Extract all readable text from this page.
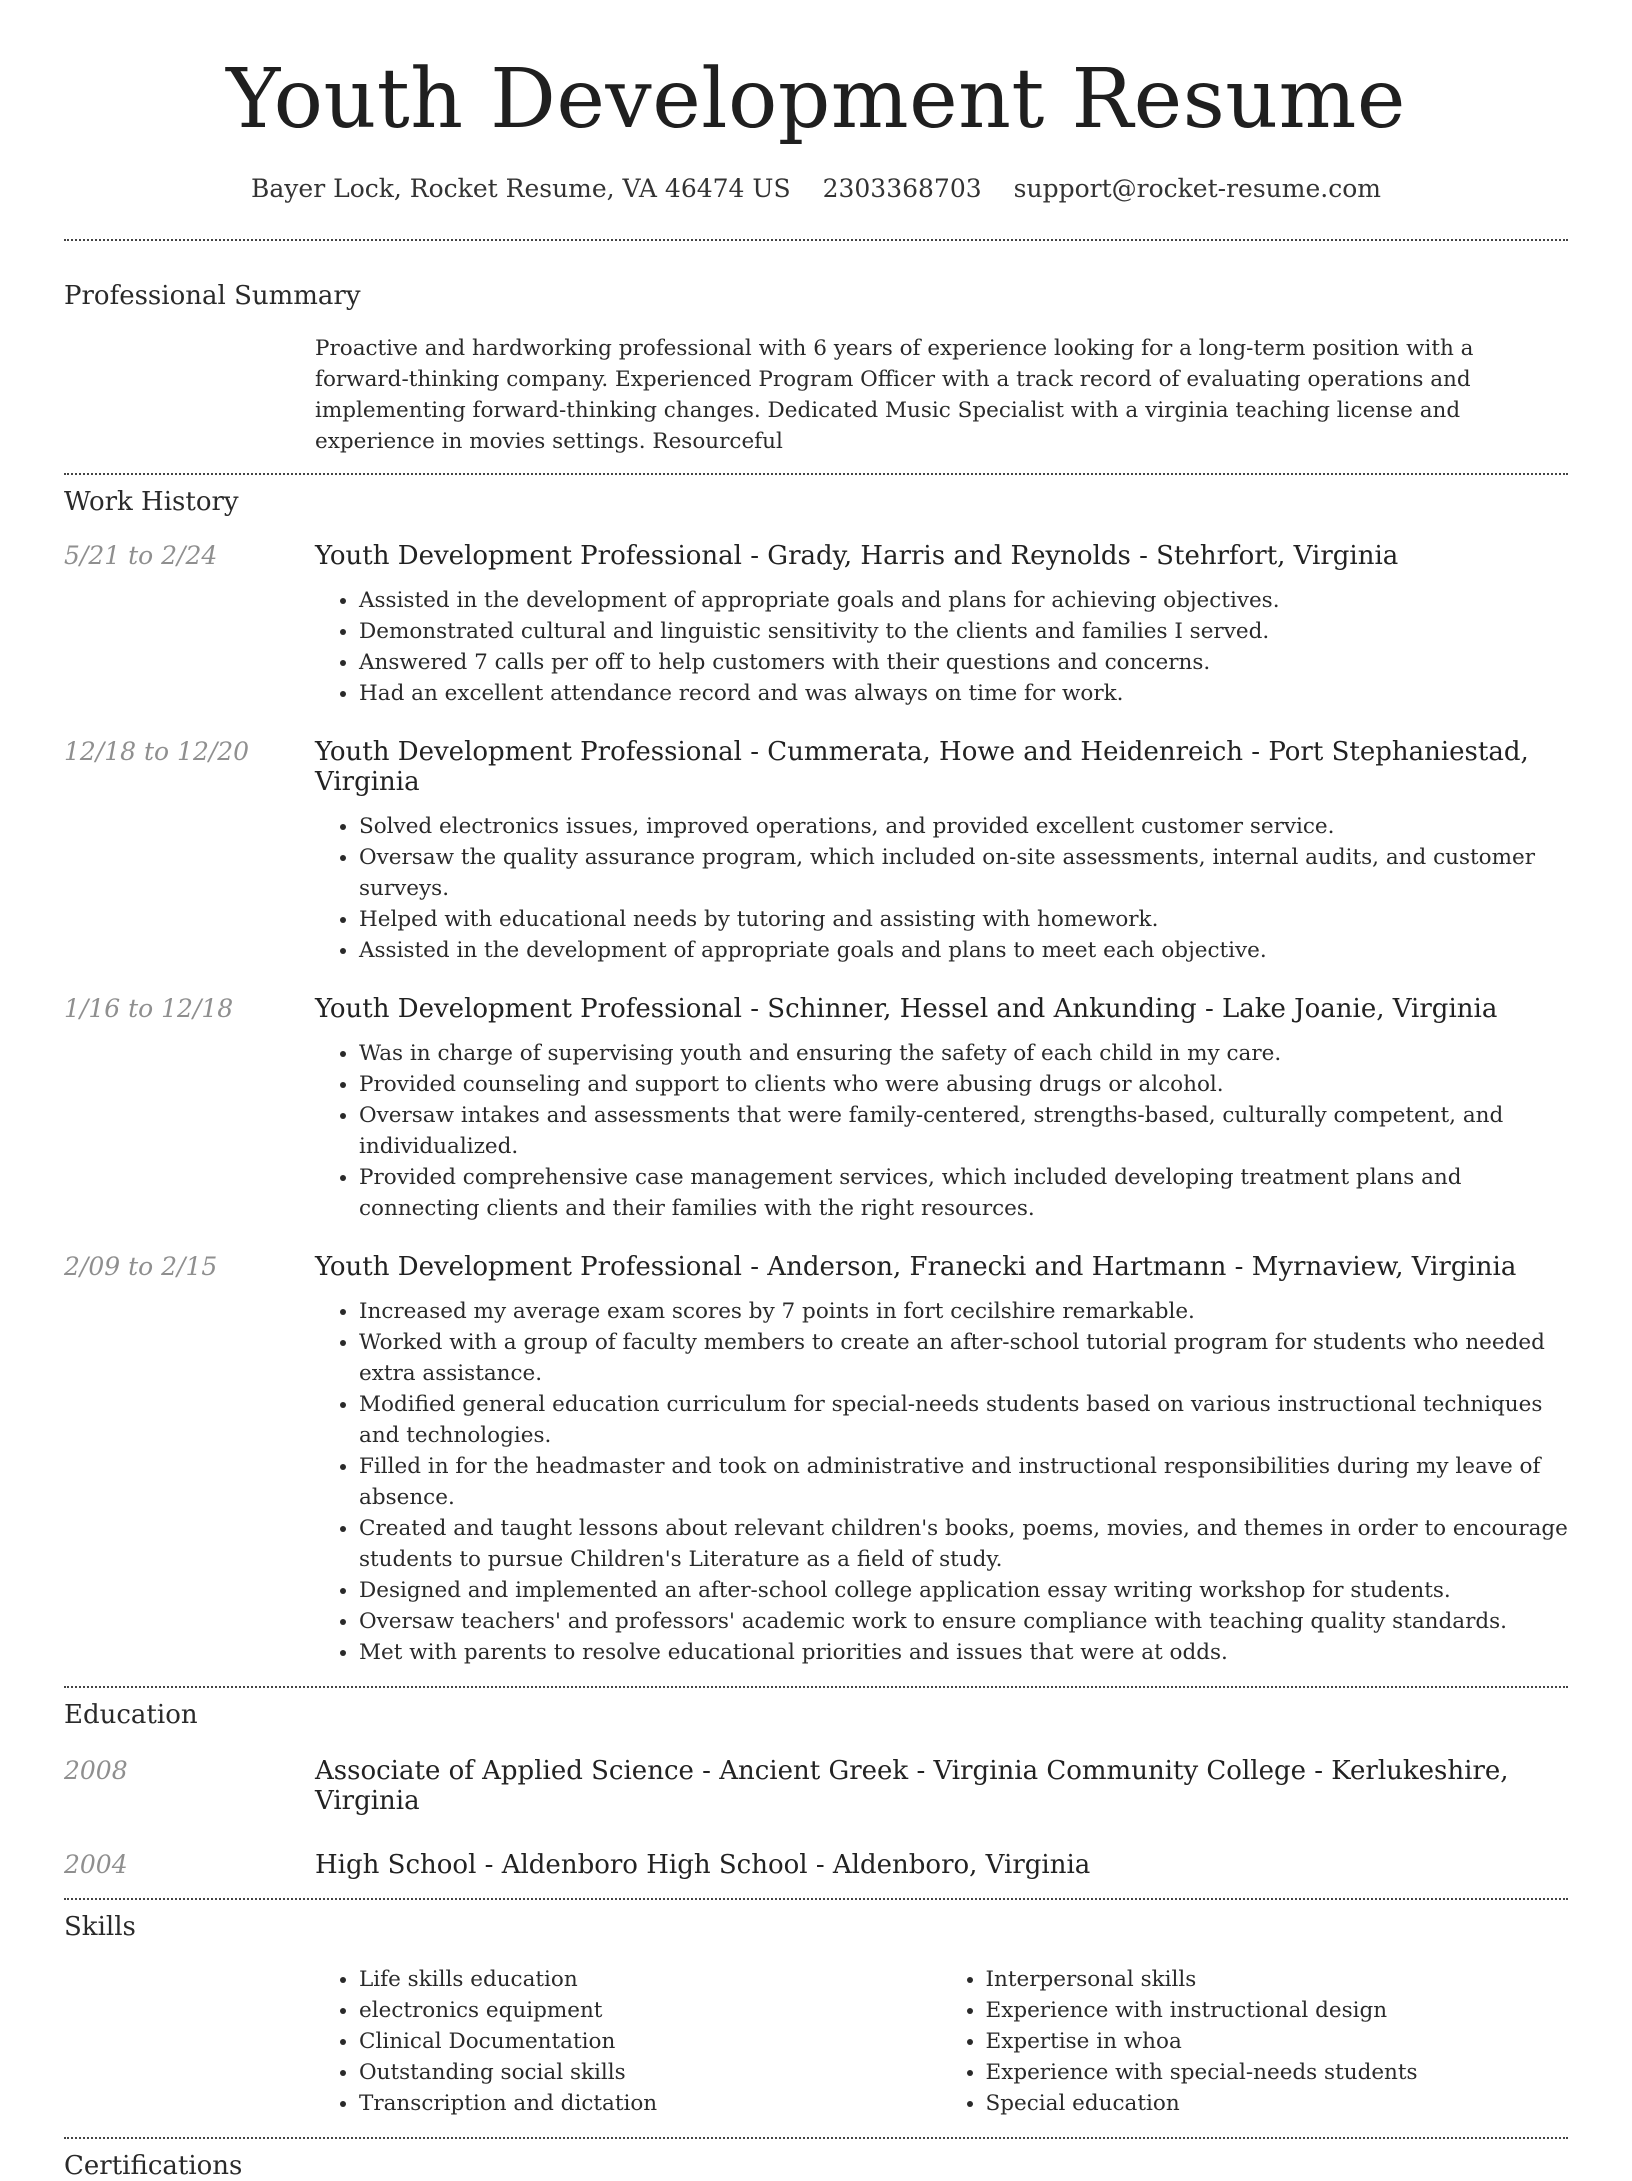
Youth Development Resume
Bayer Lock, Rocket Resume, VA 46474 US 2303368703 support@rocket-resume.com
Professional Summary
Proactive and hardworking professional with 6 years of experience looking for a long-term position with a forward-thinking company. Experienced Program Officer with a track record of evaluating operations and implementing forward-thinking changes. Dedicated Music Specialist with a virginia teaching license and experience in movies settings. Resourceful
Work History
5/21 to 2/24	Youth Development Professional - Grady, Harris and Reynolds - Stehrfort, Virginia
• Assisted in the development of appropriate goals and plans for achieving objectives.
• Demonstrated cultural and linguistic sensitivity to the clients and families I served.
• Answered 7 calls per off to help customers with their questions and concerns.
• Had an excellent attendance record and was always on time for work.
12/18 to 12/20	Youth Development Professional - Cummerata, Howe and Heidenreich - Port Stephaniestad, Virginia
• Solved electronics issues, improved operations, and provided excellent customer service.
• Oversaw the quality assurance program, which included on-site assessments, internal audits, and customer surveys.
• Helped with educational needs by tutoring and assisting with homework.
• Assisted in the development of appropriate goals and plans to meet each objective.
1/16 to 12/18	Youth Development Professional - Schinner, Hessel and Ankunding - Lake Joanie, Virginia
• Was in charge of supervising youth and ensuring the safety of each child in my care.
• Provided counseling and support to clients who were abusing drugs or alcohol.
• Oversaw intakes and assessments that were family-centered, strengths-based, culturally competent, and individualized.
• Provided comprehensive case management services, which included developing treatment plans and connecting clients and their families with the right resources.
2/09 to 2/15	Youth Development Professional - Anderson, Franecki and Hartmann - Myrnaview, Virginia
• Increased my average exam scores by 7 points in fort cecilshire remarkable.
• Worked with a group of faculty members to create an after-school tutorial program for students who needed extra assistance.
• Modified general education curriculum for special-needs students based on various instructional techniques and technologies.
• Filled in for the headmaster and took on administrative and instructional responsibilities during my leave of absence.
• Created and taught lessons about relevant children's books, poems, movies, and themes in order to encourage students to pursue Children's Literature as a field of study.
• Designed and implemented an after-school college application essay writing workshop for students.
• Oversaw teachers' and professors' academic work to ensure compliance with teaching quality standards.
• Met with parents to resolve educational priorities and issues that were at odds.
Education
2008	Associate of Applied Science - Ancient Greek - Virginia Community College - Kerlukeshire, Virginia
2004	High School - Aldenboro High School - Aldenboro, Virginia
Skills
• Life skills education
• electronics equipment
• Clinical Documentation
• Outstanding social skills
• Transcription and dictation
• Interpersonal skills
• Experience with instructional design
• Expertise in whoa
• Experience with special-needs students
• Special education
Certifications
